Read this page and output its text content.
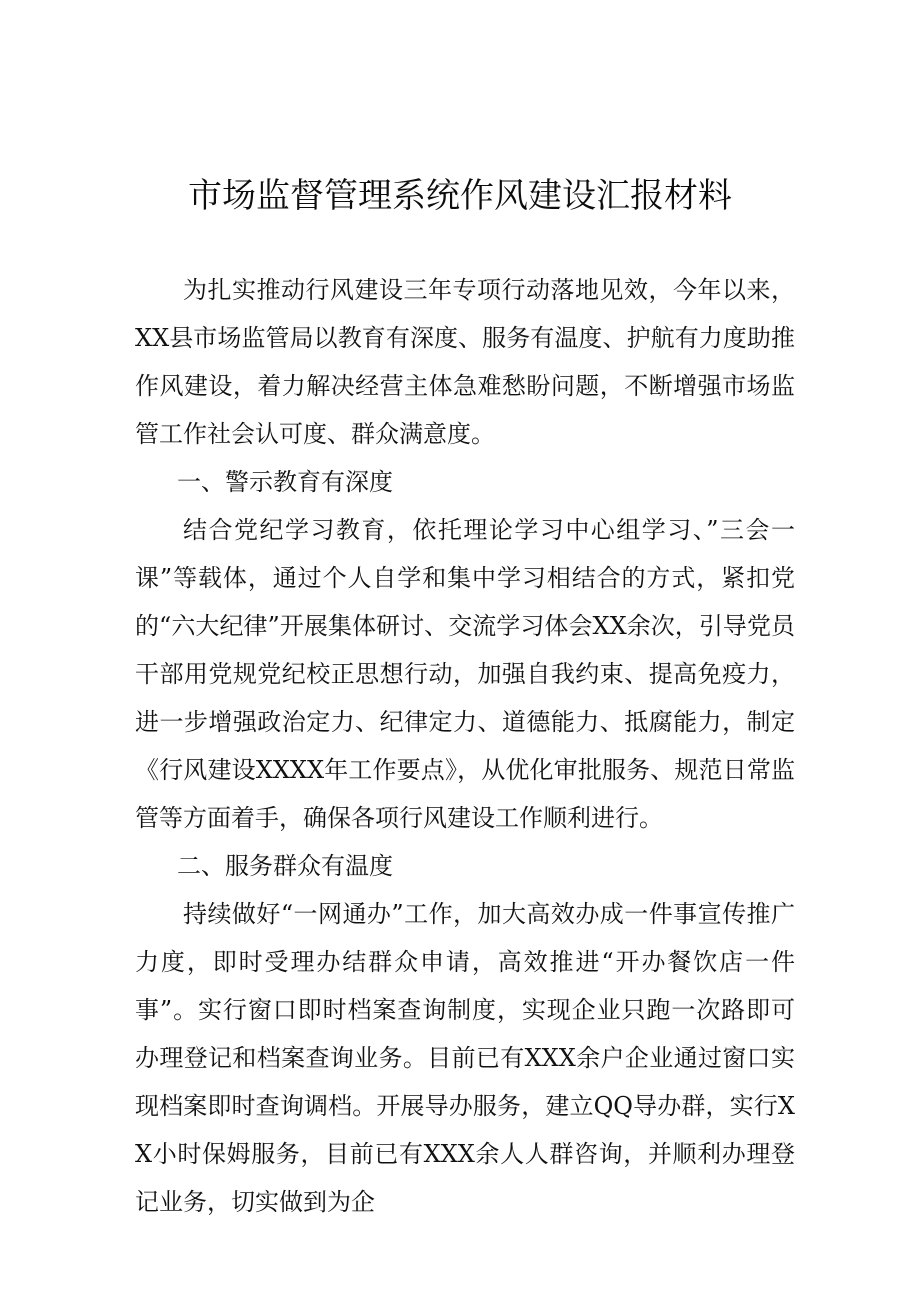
市场监督管理系统作风建设汇报材料

为扎实推动行风建设三年专项行动落地见效，今年以来，XX县市场监管局以教育有深度、服务有温度、护航有力度助推作风建设，着力解决经营主体急难愁盼问题，不断增强市场监管工作社会认可度、群众满意度。

一、警示教育有深度

结合党纪学习教育，依托理论学习中心组学习、”三会一课”等载体，通过个人自学和集中学习相结合的方式，紧扣党的“六大纪律”开展集体研讨、交流学习体会XX余次，引导党员干部用党规党纪校正思想行动，加强自我约束、提高免疫力，进一步增强政治定力、纪律定力、道德能力、抵腐能力，制定《行风建设XXXX年工作要点》，从优化审批服务、规范日常监管等方面着手，确保各项行风建设工作顺利进行。

二、服务群众有温度

持续做好“一网通办”工作，加大高效办成一件事宣传推广力度，即时受理办结群众申请，高效推进“开办餐饮店一件事”。实行窗口即时档案查询制度，实现企业只跑一次路即可办理登记和档案查询业务。目前已有XXX余户企业通过窗口实现档案即时查询调档。开展导办服务，建立QQ导办群，实行XX小时保姆服务，目前已有XXX余人人群咨询，并顺利办理登记业务，切实做到为企
